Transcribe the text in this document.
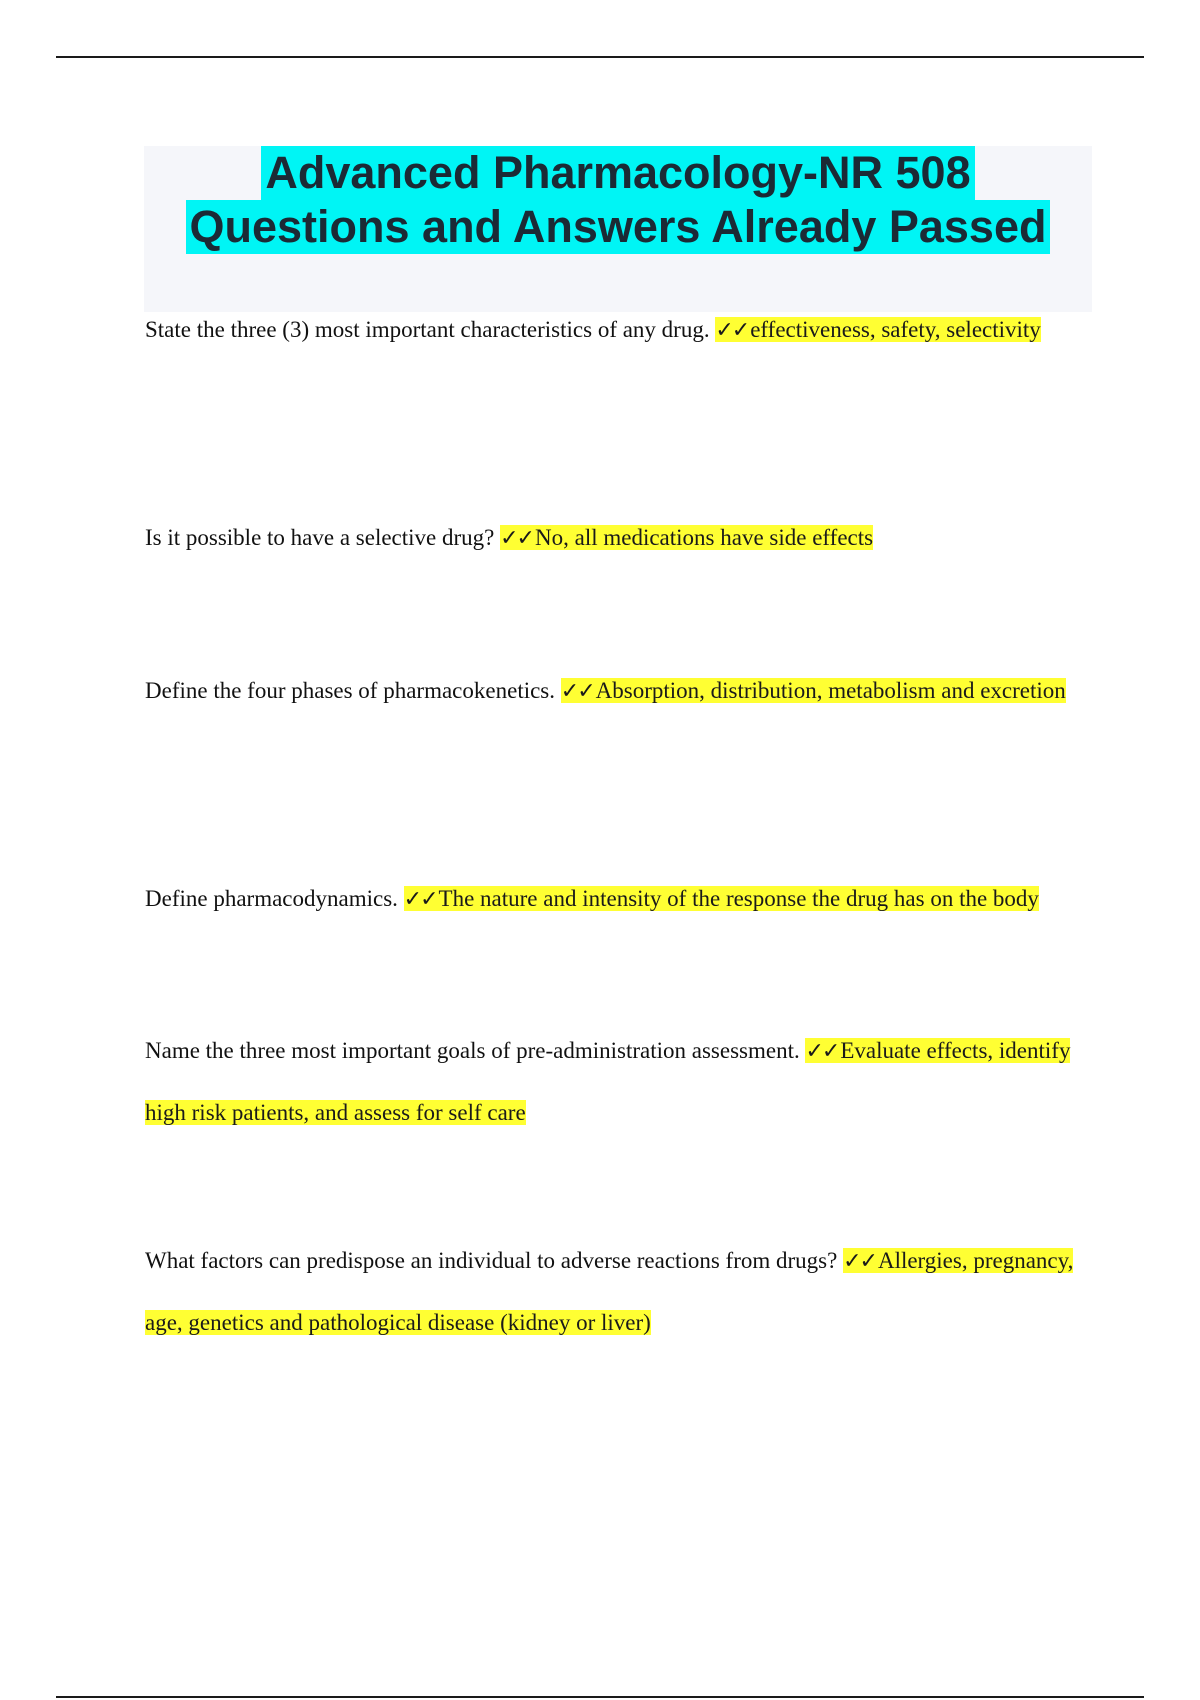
Advanced Pharmacology-NR 508
Questions and Answers Already Passed
State the three (3) most important characteristics of any drug. ✓✓effectiveness, safety, selectivity
Is it possible to have a selective drug? ✓✓No, all medications have side effects
Define the four phases of pharmacokenetics. ✓✓Absorption, distribution, metabolism and excretion
Define pharmacodynamics. ✓✓The nature and intensity of the response the drug has on the body
Name the three most important goals of pre-administration assessment. ✓✓Evaluate effects, identify high risk patients, and assess for self care
What factors can predispose an individual to adverse reactions from drugs? ✓✓Allergies, pregnancy, age, genetics and pathological disease (kidney or liver)
